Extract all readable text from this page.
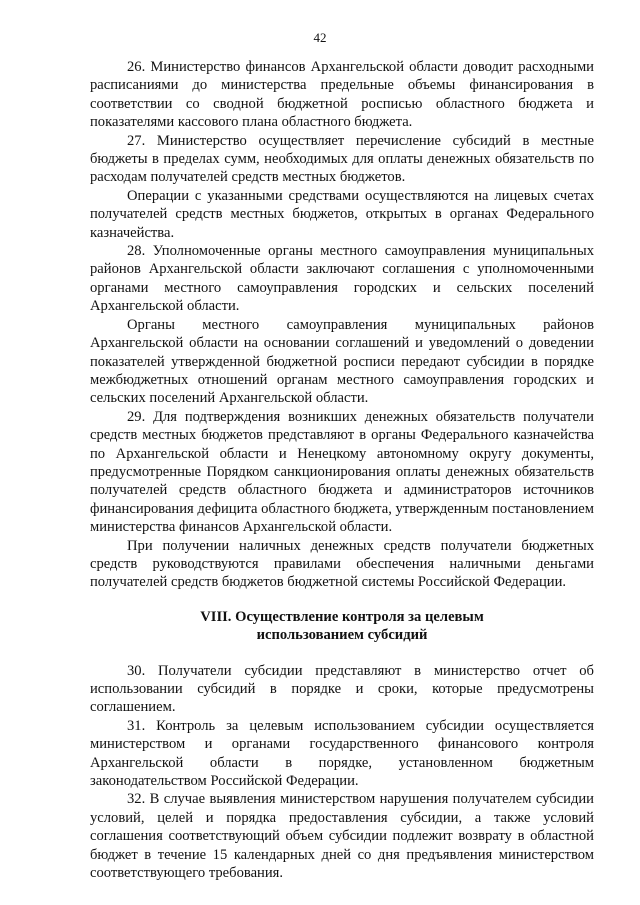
42

26. Министерство финансов Архангельской области доводит расходными расписаниями до министерства предельные объемы финансирования в соответствии со сводной бюджетной росписью областного бюджета и показателями кассового плана областного бюджета.

27. Министерство осуществляет перечисление субсидий в местные бюджеты в пределах сумм, необходимых для оплаты денежных обязательств по расходам получателей средств местных бюджетов.

Операции с указанными средствами осуществляются на лицевых счетах получателей средств местных бюджетов, открытых в органах Федерального казначейства.

28. Уполномоченные органы местного самоуправления муниципальных районов Архангельской области заключают соглашения с уполномоченными органами местного самоуправления городских и сельских поселений Архангельской области.

Органы местного самоуправления муниципальных районов Архангельской области на основании соглашений и уведомлений о доведении показателей утвержденной бюджетной росписи передают субсидии в порядке межбюджетных отношений органам местного самоуправления городских и сельских поселений Архангельской области.

29. Для подтверждения возникших денежных обязательств получатели средств местных бюджетов представляют в органы Федерального казначейства по Архангельской области и Ненецкому автономному округу документы, предусмотренные Порядком санкционирования оплаты денежных обязательств получателей средств областного бюджета и администраторов источников финансирования дефицита областного бюджета, утвержденным постановлением министерства финансов Архангельской области.

При получении наличных денежных средств получатели бюджетных средств руководствуются правилами обеспечения наличными деньгами получателей средств бюджетов бюджетной системы Российской Федерации.

VIII. Осуществление контроля за целевым
использованием субсидий

30. Получатели субсидии представляют в министерство отчет об использовании субсидий в порядке и сроки, которые предусмотрены соглашением.

31. Контроль за целевым использованием субсидии осуществляется министерством и органами государственного финансового контроля Архангельской области в порядке, установленном бюджетным законодательством Российской Федерации.

32. В случае выявления министерством нарушения получателем субсидии условий, целей и порядка предоставления субсидии, а также условий соглашения соответствующий объем субсидии подлежит возврату в областной бюджет в течение 15 календарных дней со дня предъявления министерством соответствующего требования.
